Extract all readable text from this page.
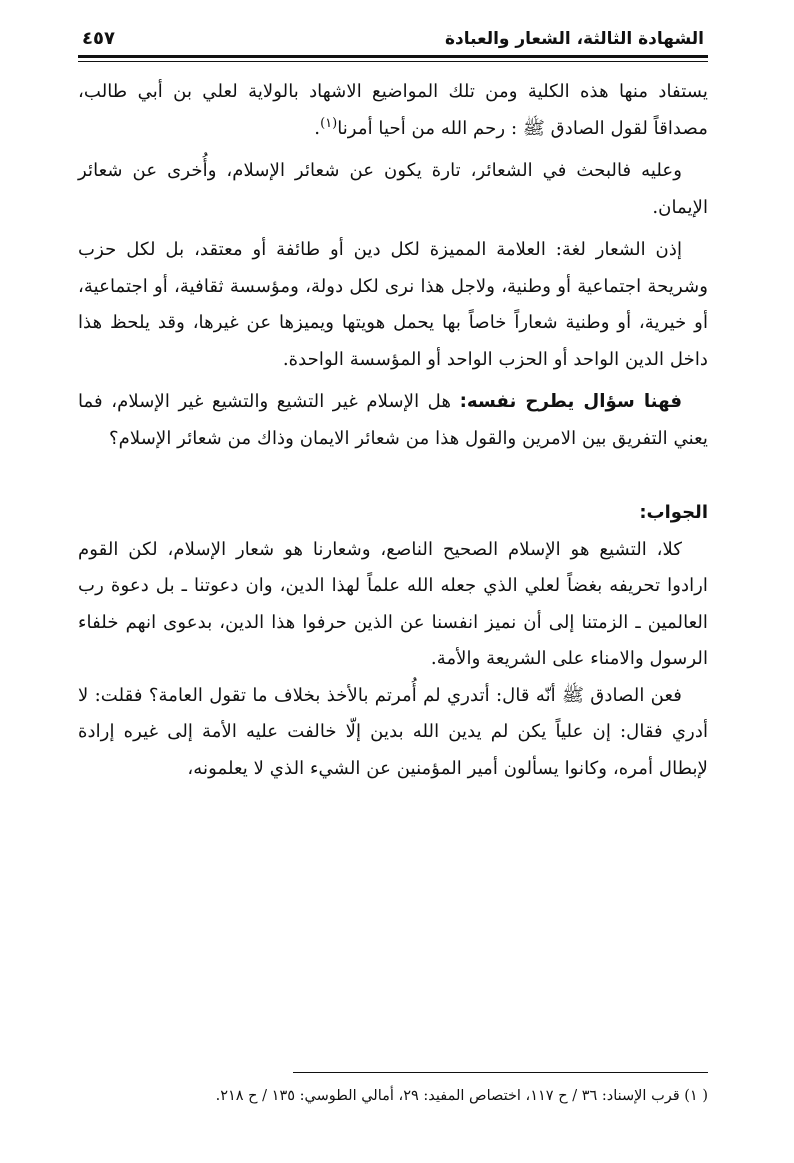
الشهادة الثالثة، الشعار والعبادة
٤٥٧

يستفاد منها هذه الكلية ومن تلك المواضيع الاشهاد بالولاية لعلي بن أبي طالب، مصداقاً لقول الصادق ﷺ : رحم الله من أحيا أمرنا$^{(١)}$.

وعليه فالبحث في الشعائر، تارة يكون عن شعائر الإسلام، وأُخرى عن شعائر الإيمان.

إذن الشعار لغة: العلامة المميزة لكل دين أو طائفة أو معتقد، بل لكل حزب وشريحة اجتماعية أو وطنية، ولاجل هذا نرى لكل دولة، ومؤسسة ثقافية، أو اجتماعية، أو خيرية، أو وطنية شعاراً خاصاً بها يحمل هويتها ويميزها عن غيرها، وقد يلحظ هذا داخل الدين الواحد أو الحزب الواحد أو المؤسسة الواحدة.

فهنا سؤال يطرح نفسه: هل الإسلام غير التشيع والتشيع غير الإسلام، فما يعني التفريق بين الامرين والقول هذا من شعائر الايمان وذاك من شعائر الإسلام؟

الجواب:

كلا، التشيع هو الإسلام الصحيح الناصع، وشعارنا هو شعار الإسلام، لكن القوم ارادوا تحريفه بغضاً لعلي الذي جعله الله علماً لهذا الدين، وان دعوتنا ـ بل دعوة رب العالمين ـ الزمتنا إلى أن نميز انفسنا عن الذين حرفوا هذا الدين، بدعوى انهم خلفاء الرسول والامناء على الشريعة والأمة.

فعن الصادق ﷺ أنّه قال: أتدري لم أُمرتم بالأخذ بخلاف ما تقول العامة؟ فقلت: لا أدري فقال: إن علياً يكن لم يدين الله بدين إلّا خالفت عليه الأمة إلى غيره إرادة لإبطال أمره، وكانوا يسألون أمير المؤمنين عن الشيء الذي لا يعلمونه،

( ١) قرب الإسناد: ٣٦ / ح ١١٧، اختصاص المفيد: ٢٩، أمالي الطوسي: ١٣٥ / ح ٢١٨.
